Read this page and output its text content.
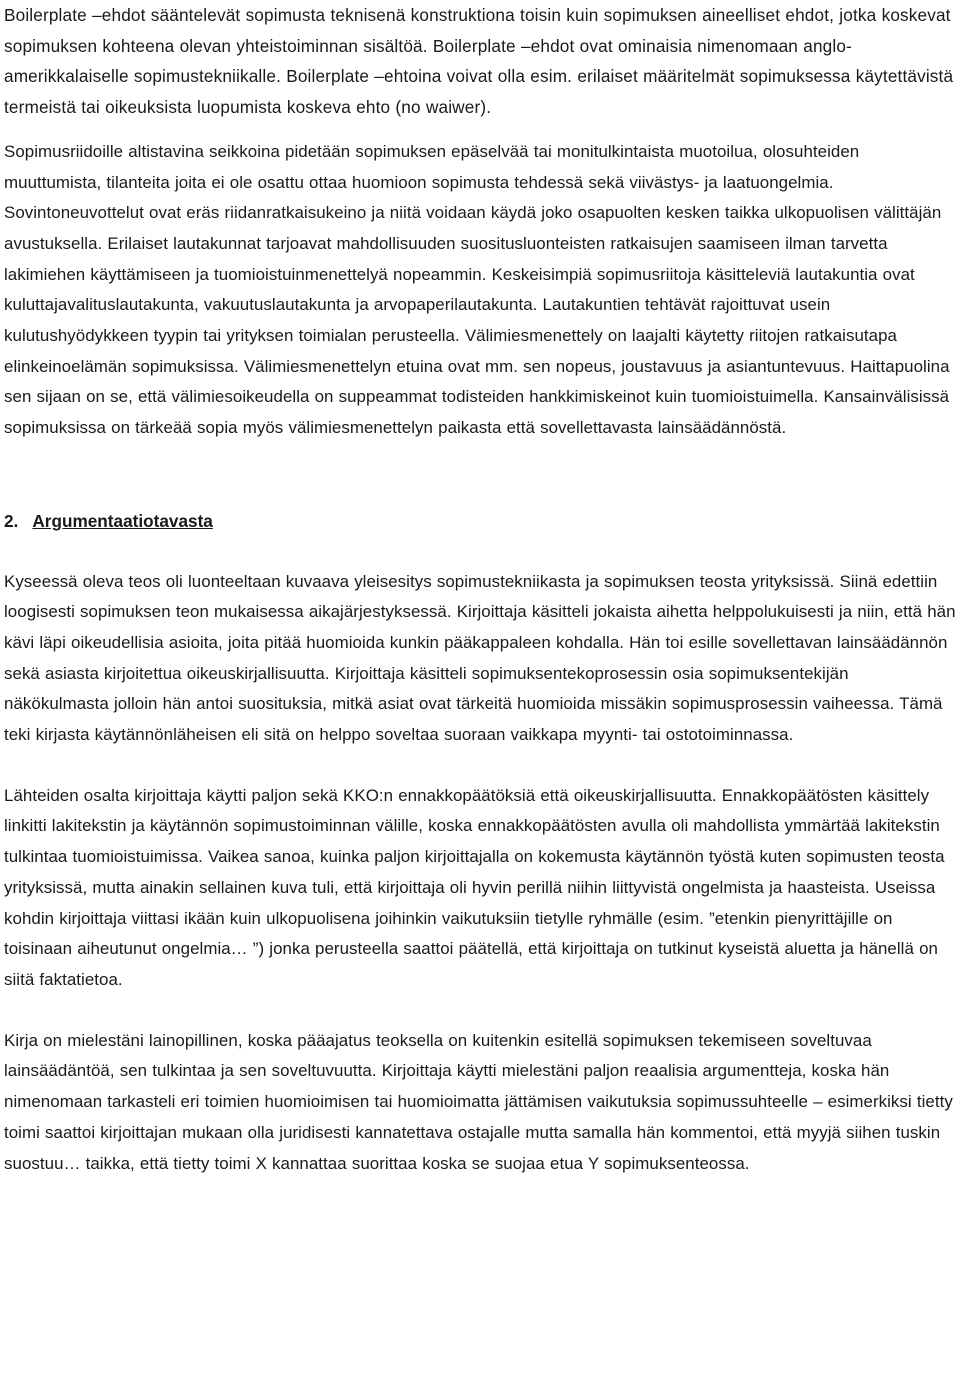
Boilerplate –ehdot sääntelevät sopimusta teknisenä konstruktiona toisin kuin sopimuksen aineelliset ehdot, jotka koskevat sopimuksen kohteena olevan yhteistoiminnan sisältöä. Boilerplate –ehdot ovat ominaisia nimenomaan anglo-amerikkalaiselle sopimustekniikalle. Boilerplate –ehtoina voivat olla esim. erilaiset määritelmät sopimuksessa käytettävistä termeistä tai oikeuksista luopumista koskeva ehto (no waiwer).

Sopimusriidoille altistavina seikkoina pidetään sopimuksen epäselvää tai monitulkintaista muotoilua, olosuhteiden muuttumista, tilanteita joita ei ole osattu ottaa huomioon sopimusta tehdessä sekä viivästys- ja laatuongelmia. Sovintoneuvottelut ovat eräs riidanratkaisukeino ja niitä voidaan käydä joko osapuolten kesken taikka ulkopuolisen välittäjän avustuksella. Erilaiset lautakunnat tarjoavat mahdollisuuden suositusluonteisten ratkaisujen saamiseen ilman tarvetta lakimiehen käyttämiseen ja tuomioistuinmenettelyä nopeammin. Keskeisimpiä sopimusriitoja käsitteleviä lautakuntia ovat kuluttajavalituslautakunta, vakuutuslautakunta ja arvopaperilautakunta. Lautakuntien tehtävät rajoittuvat usein kulutushyödykkeen tyypin tai yrityksen toimialan perusteella. Välimiesmenettely on laajalti käytetty riitojen ratkaisutapa elinkeinoelämän sopimuksissa. Välimiesmenettelyn etuina ovat mm. sen nopeus, joustavuus ja asiantuntevuus. Haittapuolina sen sijaan on se, että välimiesoikeudella on suppeammat todisteiden hankkimiskeinot kuin tuomioistuimella. Kansainvälisissä sopimuksissa on tärkeää sopia myös välimiesmenettelyn paikasta että sovellettavasta lainsäädännöstä.

2. Argumentaatiotavasta

Kyseessä oleva teos oli luonteeltaan kuvaava yleisesitys sopimustekniikasta ja sopimuksen teosta yrityksissä. Siinä edettiin loogisesti sopimuksen teon mukaisessa aikajärjestyksessä. Kirjoittaja käsitteli jokaista aihetta helppolukuisesti ja niin, että hän kävi läpi oikeudellisia asioita, joita pitää huomioida kunkin pääkappaleen kohdalla. Hän toi esille sovellettavan lainsäädännön sekä asiasta kirjoitettua oikeuskirjallisuutta. Kirjoittaja käsitteli sopimuksentekoprosessin osia sopimuksentekijän näkökulmasta jolloin hän antoi suosituksia, mitkä asiat ovat tärkeitä huomioida missäkin sopimusprosessin vaiheessa. Tämä teki kirjasta käytännönläheisen eli sitä on helppo soveltaa suoraan vaikkapa myynti- tai ostotoiminnassa.

Lähteiden osalta kirjoittaja käytti paljon sekä KKO:n ennakkopäätöksiä että oikeuskirjallisuutta. Ennakkopäätösten käsittely linkitti lakitekstin ja käytännön sopimustoiminnan välille, koska ennakkopäätösten avulla oli mahdollista ymmärtää lakitekstin tulkintaa tuomioistuimissa. Vaikea sanoa, kuinka paljon kirjoittajalla on kokemusta käytännön työstä kuten sopimusten teosta yrityksissä, mutta ainakin sellainen kuva tuli, että kirjoittaja oli hyvin perillä niihin liittyvistä ongelmista ja haasteista. Useissa kohdin kirjoittaja viittasi ikään kuin ulkopuolisena joihinkin vaikutuksiin tietylle ryhmälle (esim. ”etenkin pienyrittäjille on toisinaan aiheutunut ongelmia… ”) jonka perusteella saattoi päätellä, että kirjoittaja on tutkinut kyseistä aluetta ja hänellä on siitä faktatietoa.

Kirja on mielestäni lainopillinen, koska pääajatus teoksella on kuitenkin esitellä sopimuksen tekemiseen soveltuvaa lainsäädäntöä, sen tulkintaa ja sen soveltuvuutta. Kirjoittaja käytti mielestäni paljon reaalisia argumentteja, koska hän nimenomaan tarkasteli eri toimien huomioimisen tai huomioimatta jättämisen vaikutuksia sopimussuhteelle – esimerkiksi tietty toimi saattoi kirjoittajan mukaan olla juridisesti kannatettava ostajalle mutta samalla hän kommentoi, että myyjä siihen tuskin suostuu… taikka, että tietty toimi X kannattaa suorittaa koska se suojaa etua Y sopimuksenteossa.
